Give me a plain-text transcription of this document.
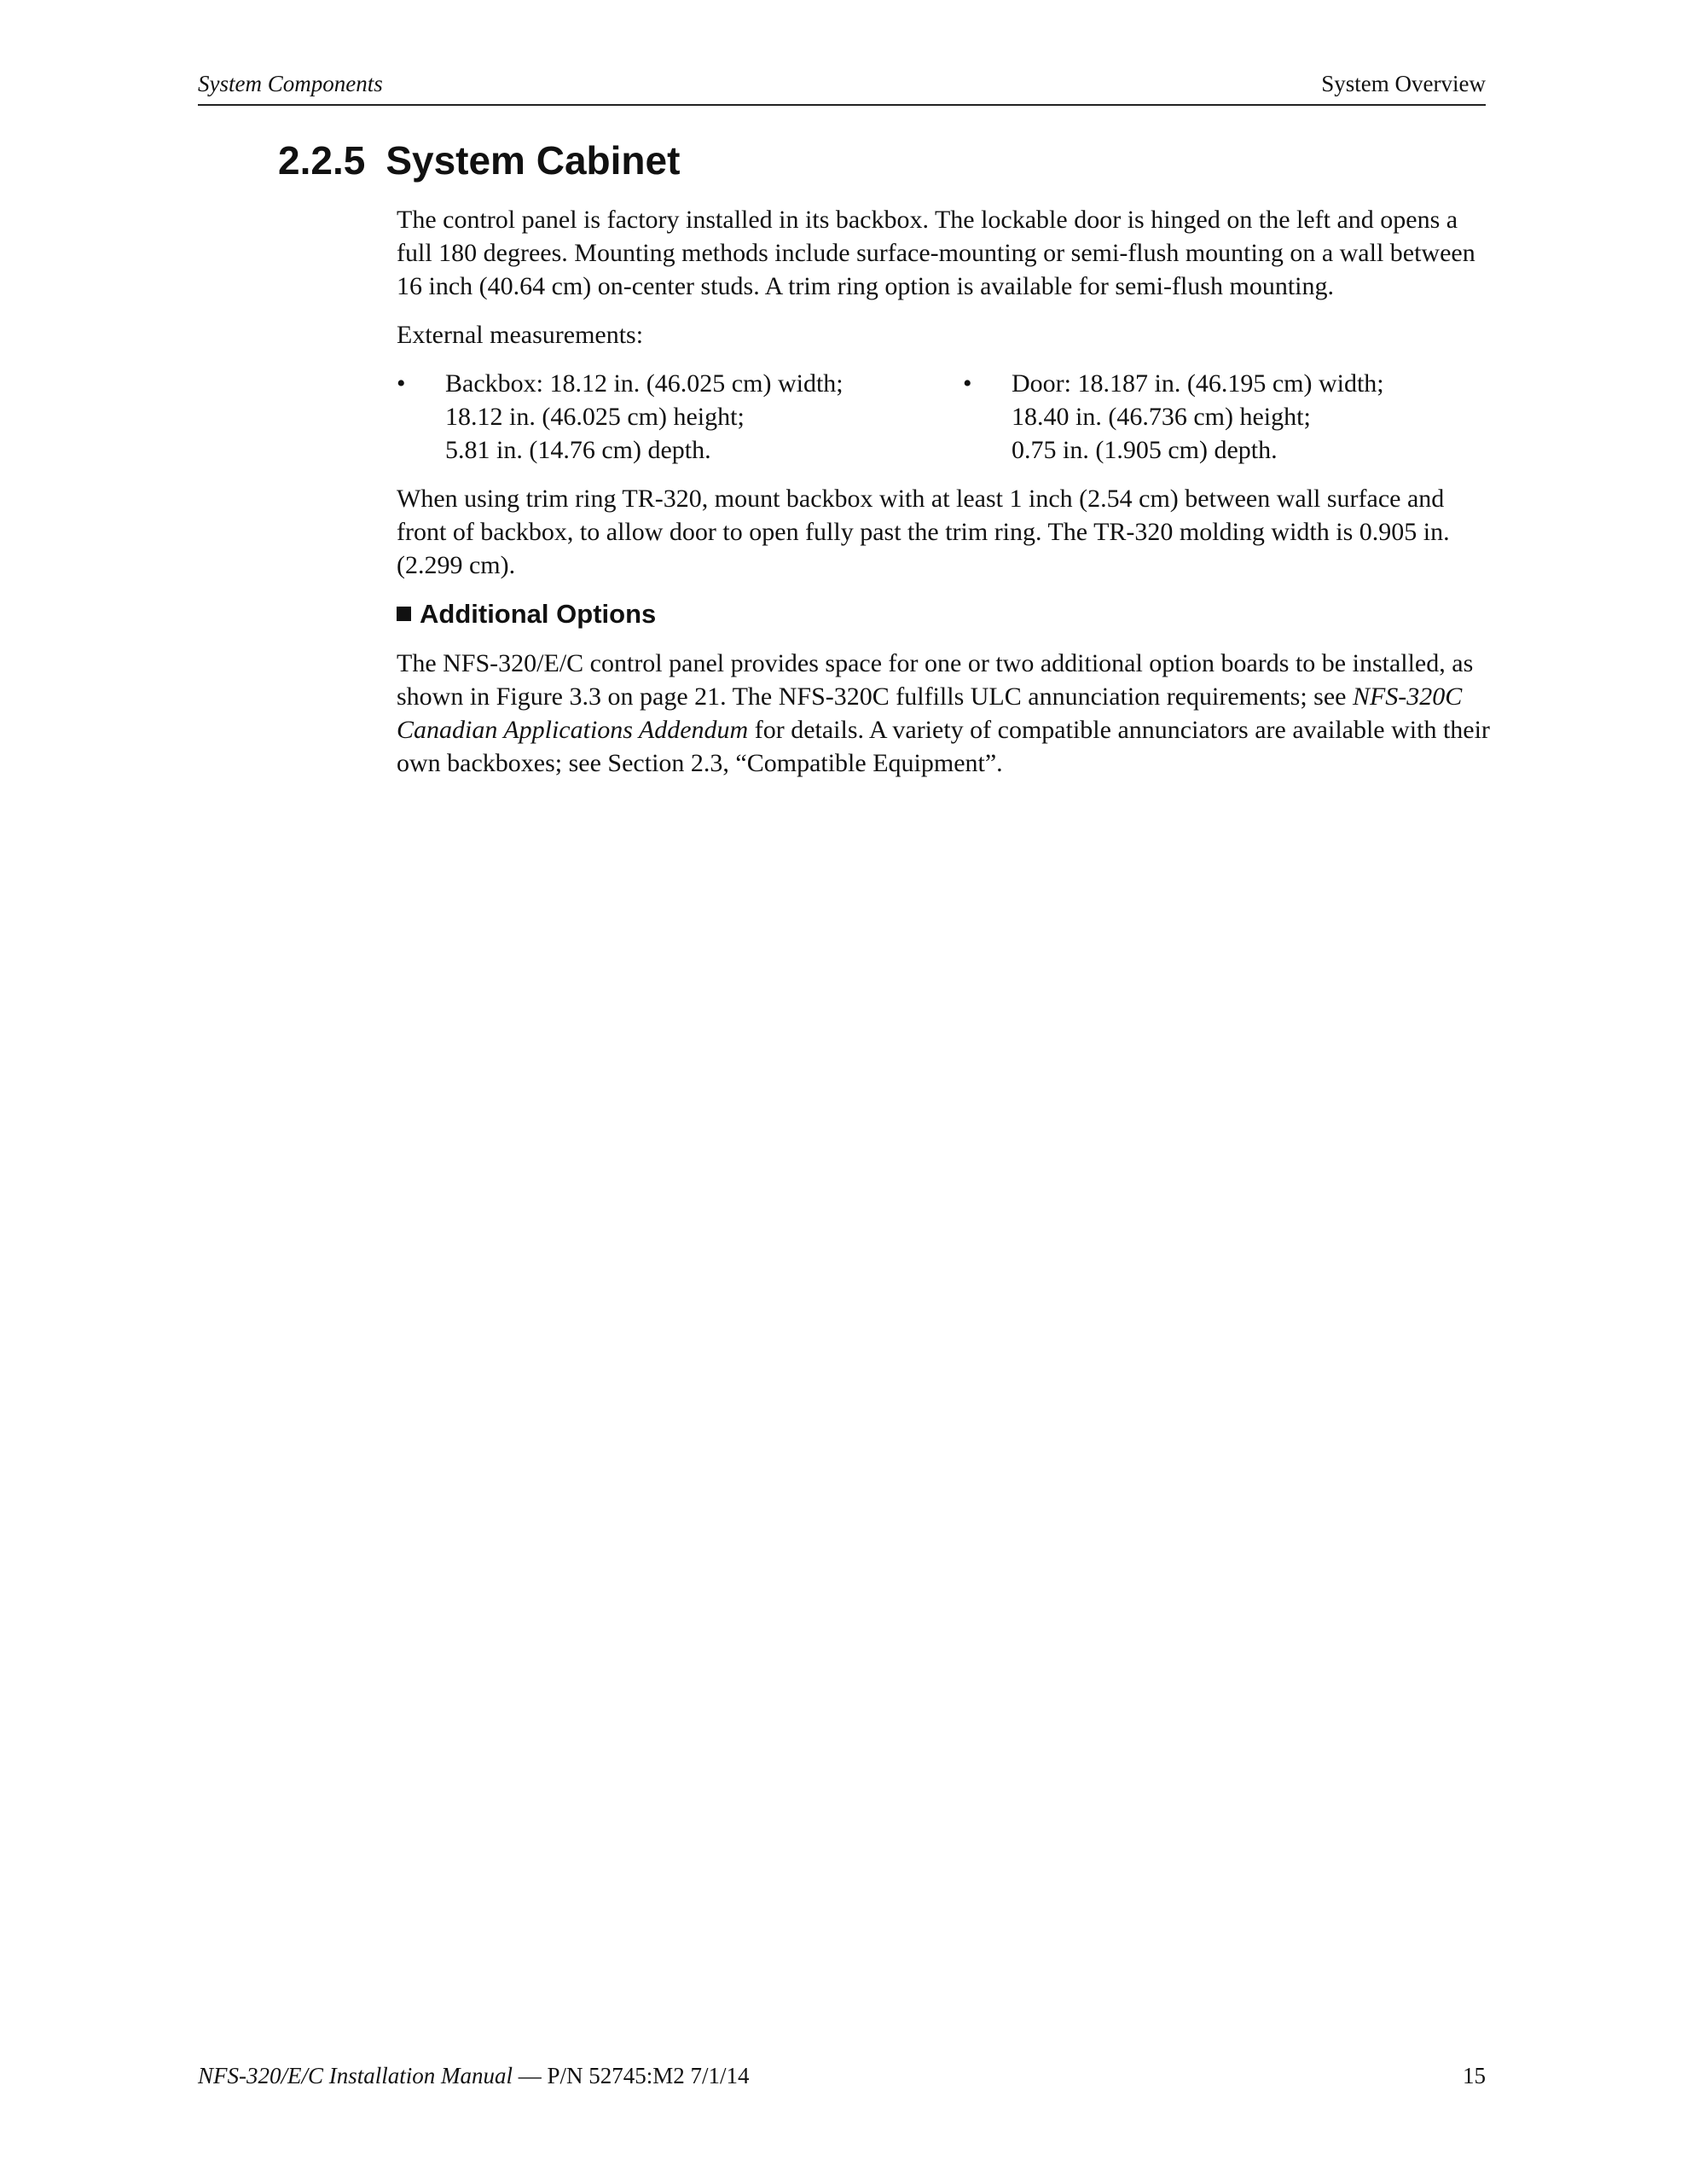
System Components	System Overview
2.2.5 System Cabinet

The control panel is factory installed in its backbox. The lockable door is hinged on the left and opens a full 180 degrees. Mounting methods include surface-mounting or semi-flush mounting on a wall between 16 inch (40.64 cm) on-center studs. A trim ring option is available for semi-flush mounting.

External measurements:

• Backbox: 18.12 in. (46.025 cm) width;
18.12 in. (46.025 cm) height;
5.81 in. (14.76 cm) depth.
• Door: 18.187 in. (46.195 cm) width;
18.40 in. (46.736 cm) height;
0.75 in. (1.905 cm) depth.

When using trim ring TR-320, mount backbox with at least 1 inch (2.54 cm) between wall surface and front of backbox, to allow door to open fully past the trim ring. The TR-320 molding width is 0.905 in. (2.299 cm).

Additional Options

The NFS-320/E/C control panel provides space for one or two additional option boards to be installed, as shown in Figure 3.3 on page 21. The NFS-320C fulfills ULC annunciation requirements; see NFS-320C Canadian Applications Addendum for details. A variety of compatible annunciators are available with their own backboxes; see Section 2.3, “Compatible Equipment”.

NFS-320/E/C Installation Manual — P/N 52745:M2 7/1/14	15
